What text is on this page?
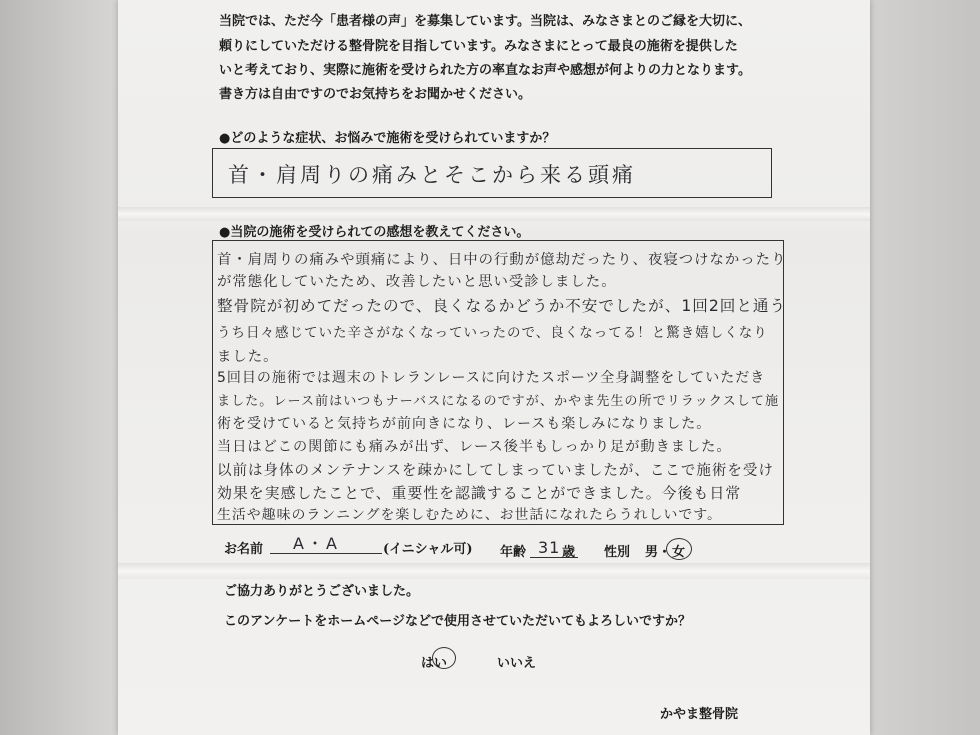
当院では、ただ今「患者様の声」を募集しています。当院は、みなさまとのご縁を大切に、
頼りにしていただける整骨院を目指しています。みなさまにとって最良の施術を提供した
いと考えており、実際に施術を受けられた方の率直なお声や感想が何よりの力となります。
書き方は自由ですのでお気持ちをお聞かせください。
●どのような症状、お悩みで施術を受けられていますか？
首・肩周りの痛みとそこから来る頭痛
●当院の施術を受けられての感想を教えてください。
首・肩周りの痛みや頭痛により、日中の行動が億劫だったり、夜寝つけなかったり
が常態化していたため、改善したいと思い受診しました。
整骨院が初めてだったので、良くなるかどうか不安でしたが、1回2回と通う
うち日々感じていた辛さがなくなっていったので、良くなってる！と驚き嬉しくなり
ました。
5回目の施術では週末のトレランレースに向けたスポーツ全身調整をしていただき
ました。レース前はいつもナーバスになるのですが、かやま先生の所でリラックスして施
術を受けていると気持ちが前向きになり、レースも楽しみになりました。
当日はどこの関節にも痛みが出ず、レース後半もしっかり足が動きました。
以前は身体のメンテナンスを疎かにしてしまっていましたが、ここで施術を受け
効果を実感したことで、重要性を認識することができました。今後も日常
生活や趣味のランニングを楽しむために、お世話になれたらうれしいです。
お名前 A・A	(イニシャル可) 年齢 31 歳 性別 男 ・ 女
ご協力ありがとうございました。
このアンケートをホームページなどで使用させていただいてもよろしいですか？
はい	いいえ
かやま整骨院
